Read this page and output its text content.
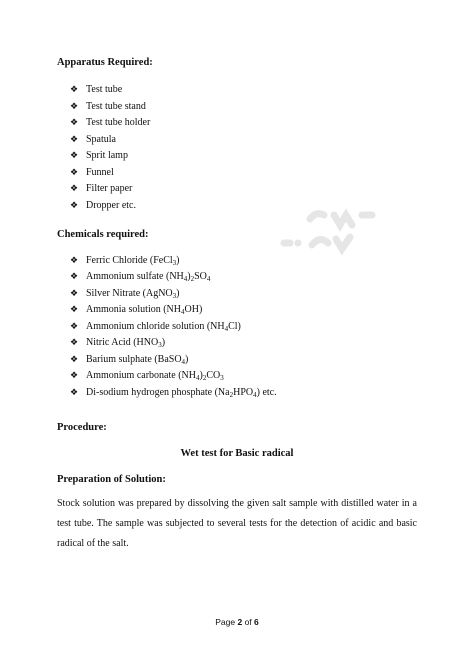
Apparatus Required:
❖ Test tube
❖ Test tube stand
❖ Test tube holder
❖ Spatula
❖ Sprit lamp
❖ Funnel
❖ Filter paper
❖ Dropper etc.
Chemicals required:
❖ Ferric Chloride (FeCl$_3$)
❖ Ammonium sulfate $(NH_4)_2SO_4$
❖ Silver Nitrate (AgNO$_3$)
❖ Ammonia solution $(NH_4OH)$
❖ Ammonium chloride solution $(NH_4Cl)$
❖ Nitric Acid $(HNO_3)$
❖ Barium sulphate (BaSO$_4$)
❖ Ammonium carbonate $(NH_4)_2CO_3$
❖ Di-sodium hydrogen phosphate $(Na_2HPO_4)$ etc.
Procedure:
Wet test for Basic radical
Preparation of Solution:
Stock solution was prepared by dissolving the given salt sample with distilled water in a test tube. The sample was subjected to several tests for the detection of acidic and basic radical of the salt.
Page 2 of 6
